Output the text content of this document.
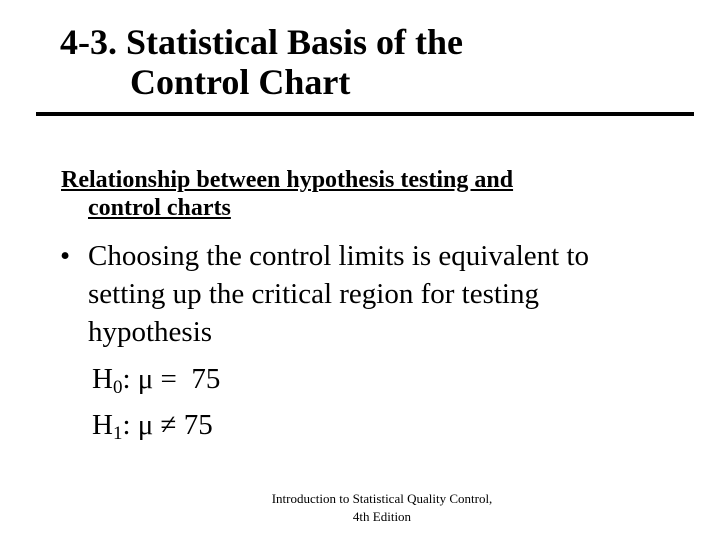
4-3. Statistical Basis of the
Control Chart
Relationship between hypothesis testing and
control charts
• Choosing the control limits is equivalent to
setting up the critical region for testing
hypothesis
$H_0$: μ =  75
$H_1$: μ ≠ 75
Introduction to Statistical Quality Control,
4th Edition
